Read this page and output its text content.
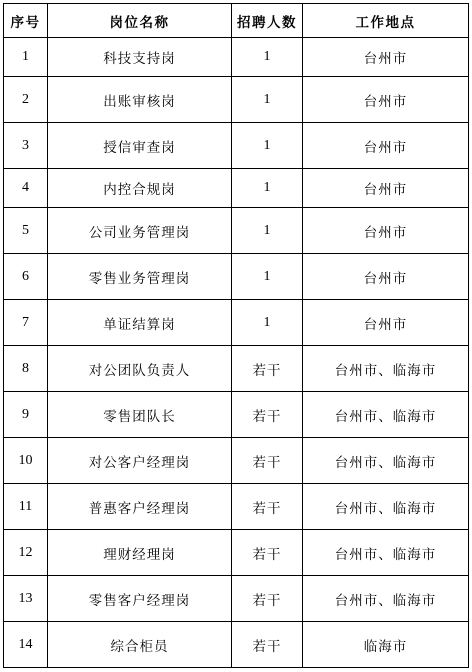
序号	岗位名称	招聘人数	工作地点
1	科技支持岗	1	台州市
2	出账审核岗	1	台州市
3	授信审查岗	1	台州市
4	内控合规岗	1	台州市
5	公司业务管理岗	1	台州市
6	零售业务管理岗	1	台州市
7	单证结算岗	1	台州市
8	对公团队负责人	若干	台州市、临海市
9	零售团队长	若干	台州市、临海市
10	对公客户经理岗	若干	台州市、临海市
11	普惠客户经理岗	若干	台州市、临海市
12	理财经理岗	若干	台州市、临海市
13	零售客户经理岗	若干	台州市、临海市
14	综合柜员	若干	临海市
